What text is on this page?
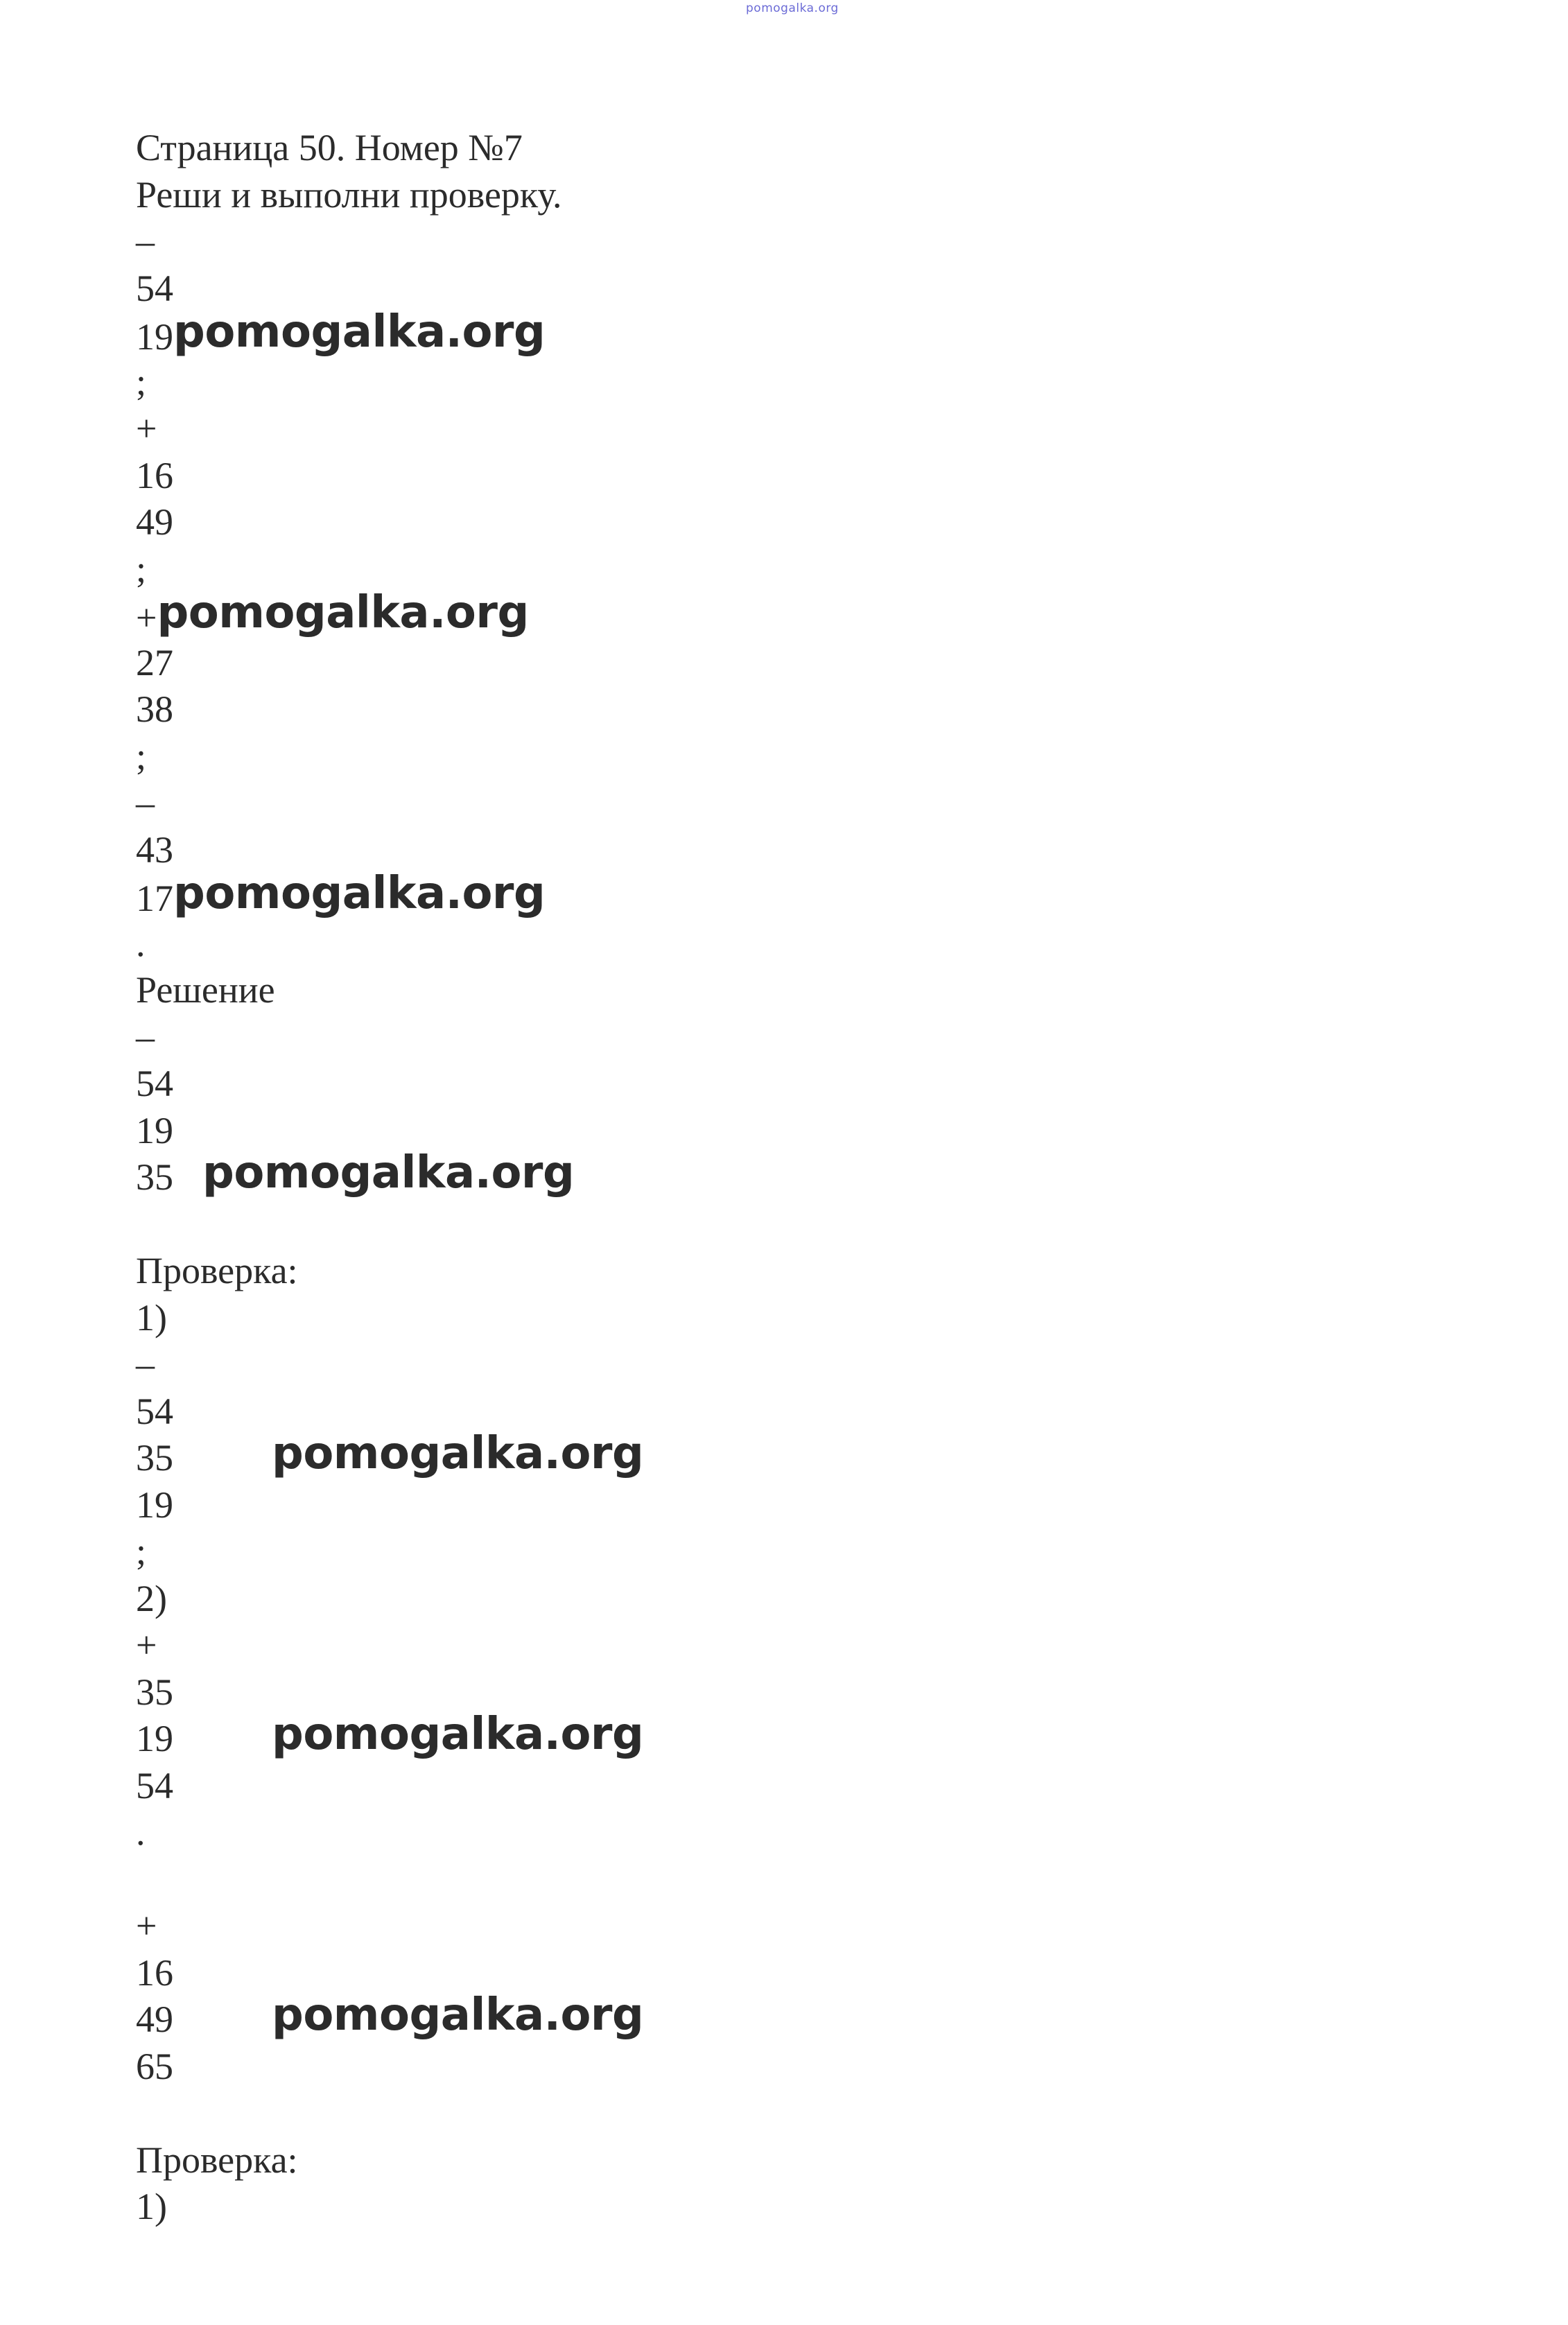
pomogalka.org
Страница 50. Номер №7
Реши и выполни проверку.
–
54
19pomogalka.org
;
+
16
49
;
+pomogalka.org
27
38
;
–
43
17pomogalka.org
.
Решение
–
54
19
35 pomogalka.org
Проверка:
1)
–
54
35 pomogalka.org
19
;
2)
+
35
19 pomogalka.org
54
.
+
16
49 pomogalka.org
65
Проверка:
1)
